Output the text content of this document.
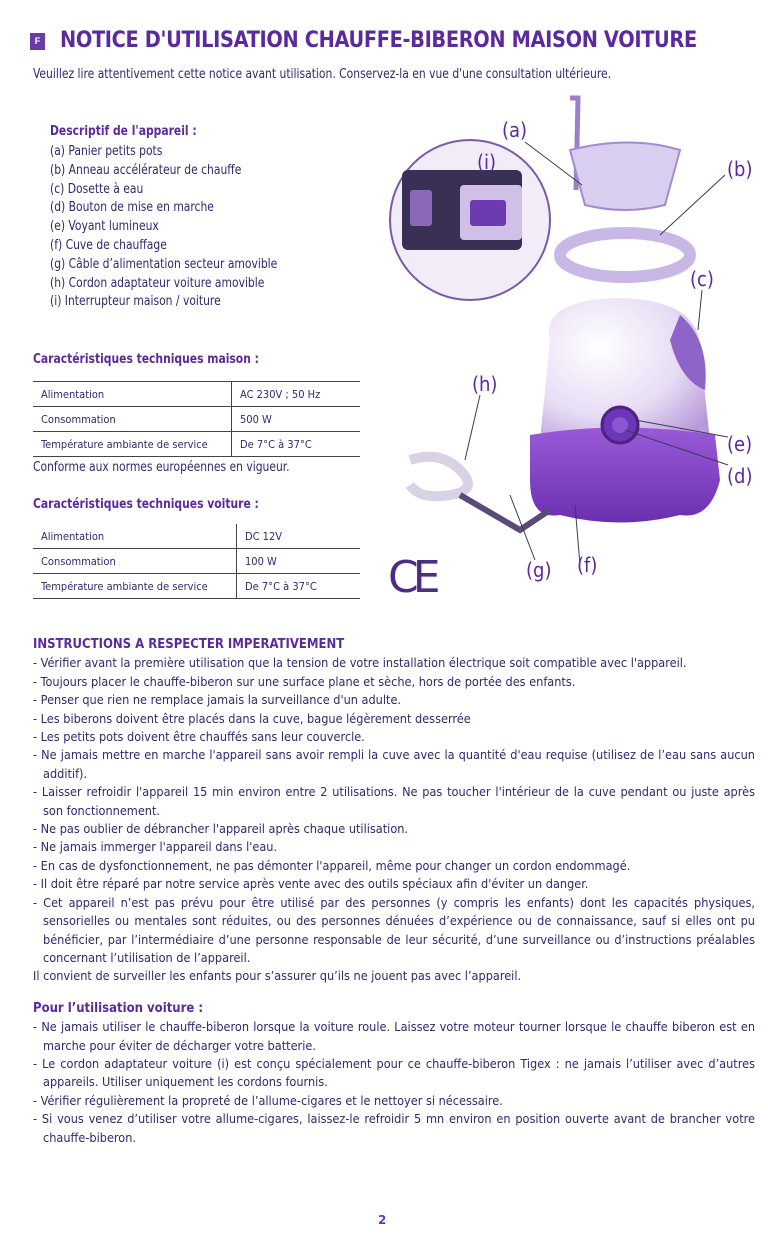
F NOTICE D'UTILISATION CHAUFFE-BIBERON MAISON VOITURE
Veuillez lire attentivement cette notice avant utilisation. Conservez-la en vue d'une consultation ultérieure.
Descriptif de l'appareil :
(a) Panier petits pots
(b) Anneau accélérateur de chauffe
(c) Dosette à eau
(d) Bouton de mise en marche
(e) Voyant lumineux
(f) Cuve de chauffage
(g) Câble d’alimentation secteur amovible
(h) Cordon adaptateur voiture amovible
(i) Interrupteur maison / voiture
Caractéristiques techniques maison :
Alimentation	AC 230V ; 50 Hz
Consommation	500 W
Température ambiante de service	De 7°C à 37°C
Conforme aux normes européennes en vigueur.
Caractéristiques techniques voiture :
Alimentation	DC 12V
Consommation	100 W
Température ambiante de service	De 7°C à 37°C
(a)
(i)	(b)
(c)
(h)
(e)
(d)
(g) (f)
CE

INSTRUCTIONS A RESPECTER IMPERATIVEMENT

- Vérifier avant la première utilisation que la tension de votre installation électrique soit compatible avec l'appareil.

- Toujours placer le chauffe-biberon sur une surface plane et sèche, hors de portée des enfants.

- Penser que rien ne remplace jamais la surveillance d'un adulte.

- Les biberons doivent être placés dans la cuve, bague légèrement desserrée

- Les petits pots doivent être chauffés sans leur couvercle.

- Ne jamais mettre en marche l'appareil sans avoir rempli la cuve avec la quantité d'eau requise (utilisez de l’eau sans aucun additif).

- Laisser refroidir l'appareil 15 min environ entre 2 utilisations. Ne pas toucher l'intérieur de la cuve pendant ou juste après son fonctionnement.

- Ne pas oublier de débrancher l'appareil après chaque utilisation.

- Ne jamais immerger l'appareil dans l'eau.

- En cas de dysfonctionnement, ne pas démonter l'appareil, même pour changer un cordon endommagé.

- Il doit être réparé par notre service après vente avec des outils spéciaux afin d'éviter un danger.

- Cet appareil n’est pas prévu pour être utilisé par des personnes (y compris les enfants) dont les capacités physiques, sensorielles ou mentales sont réduites, ou des personnes dénuées d’expérience ou de connaissance, sauf si elles ont pu bénéficier, par l’intermédiaire d’une personne responsable de leur sécurité, d’une surveillance ou d’instructions préalables concernant l’utilisation de l’appareil.

Il convient de surveiller les enfants pour s’assurer qu’ils ne jouent pas avec l’appareil.

Pour l’utilisation voiture :

- Ne jamais utiliser le chauffe-biberon lorsque la voiture roule. Laissez votre moteur tourner lorsque le chauffe biberon est en marche pour éviter de décharger votre batterie.

- Le cordon adaptateur voiture (i) est conçu spécialement pour ce chauffe-biberon Tigex : ne jamais l’utiliser avec d’autres appareils. Utiliser uniquement les cordons fournis.

- Vérifier régulièrement la propreté de l’allume-cigares et le nettoyer si nécessaire.

- Si vous venez d’utiliser votre allume-cigares, laissez-le refroidir 5 mn environ en position ouverte avant de brancher votre chauffe-biberon.

2
